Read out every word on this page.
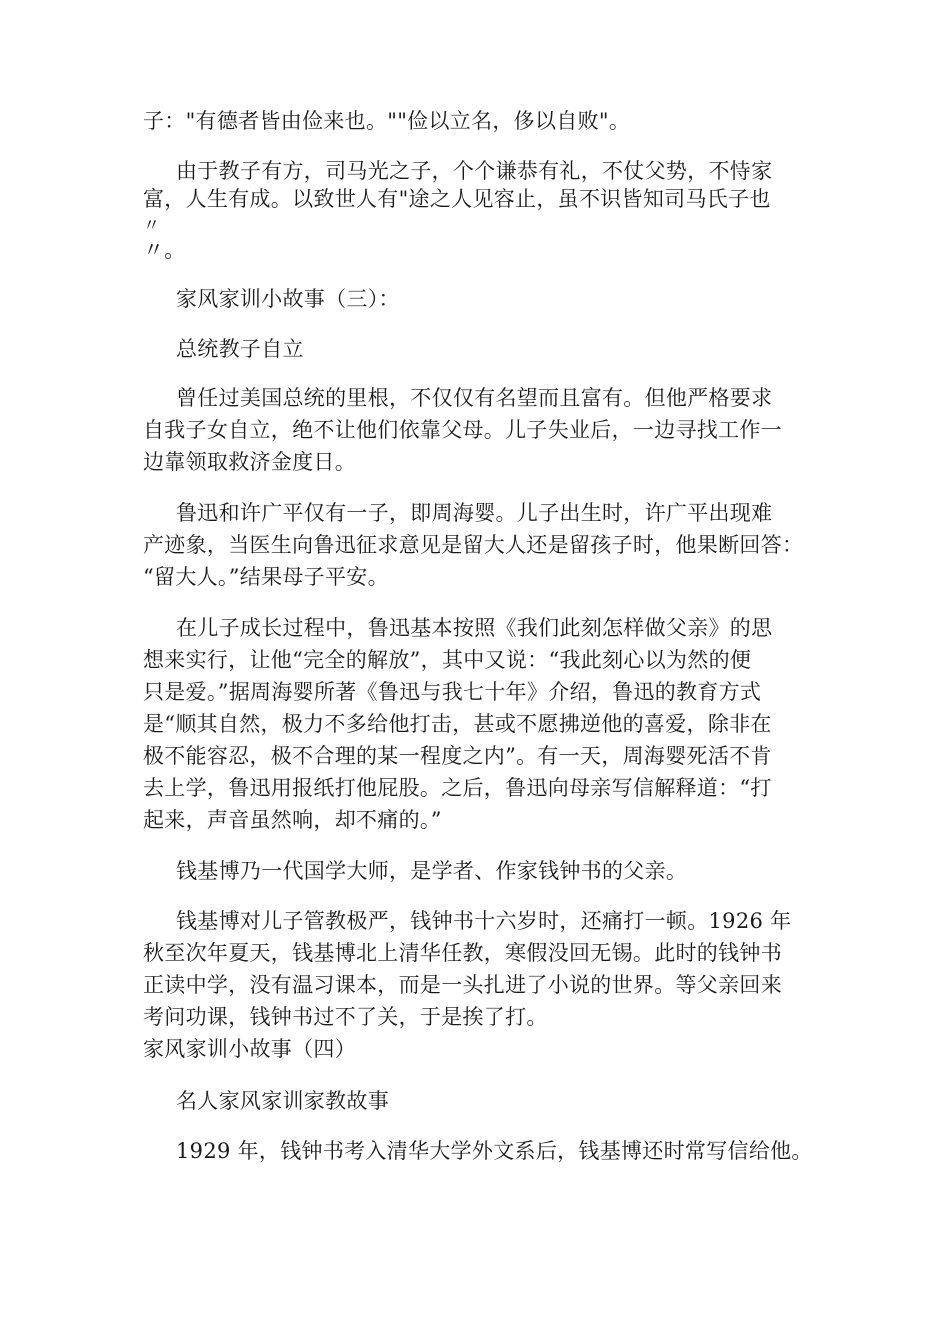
子："有德者皆由俭来也。""俭以立名，侈以自败"。

由于教子有方，司马光之子，个个谦恭有礼，不仗父势，不恃家

富，人生有成。以致世人有"途之人见容止，虽不识皆知司马氏子也

〃

〃。

家风家训小故事（三）：

总统教子自立

曾任过美国总统的里根，不仅仅有名望而且富有。但他严格要求

自我子女自立，绝不让他们依靠父母。儿子失业后，一边寻找工作一

边靠领取救济金度日。

鲁迅和许广平仅有一子，即周海婴。儿子出生时，许广平出现难

产迹象，当医生向鲁迅征求意见是留大人还是留孩子时，他果断回答：

“留大人。”结果母子平安。

在儿子成长过程中，鲁迅基本按照《我们此刻怎样做父亲》的思

想来实行，让他“完全的解放”，其中又说：“我此刻心以为然的便

只是爱。”据周海婴所著《鲁迅与我七十年》介绍，鲁迅的教育方式

是“顺其自然，极力不多给他打击，甚或不愿拂逆他的喜爱，除非在

极不能容忍，极不合理的某一程度之内”。有一天，周海婴死活不肯

去上学，鲁迅用报纸打他屁股。之后，鲁迅向母亲写信解释道：“打

起来，声音虽然响，却不痛的。”

钱基博乃一代国学大师，是学者、作家钱钟书的父亲。

钱基博对儿子管教极严，钱钟书十六岁时，还痛打一顿。1926 年

秋至次年夏天，钱基博北上清华任教，寒假没回无锡。此时的钱钟书

正读中学，没有温习课本，而是一头扎进了小说的世界。等父亲回来

考问功课，钱钟书过不了关，于是挨了打。

家风家训小故事（四）

名人家风家训家教故事

1929 年，钱钟书考入清华大学外文系后，钱基博还时常写信给他。
